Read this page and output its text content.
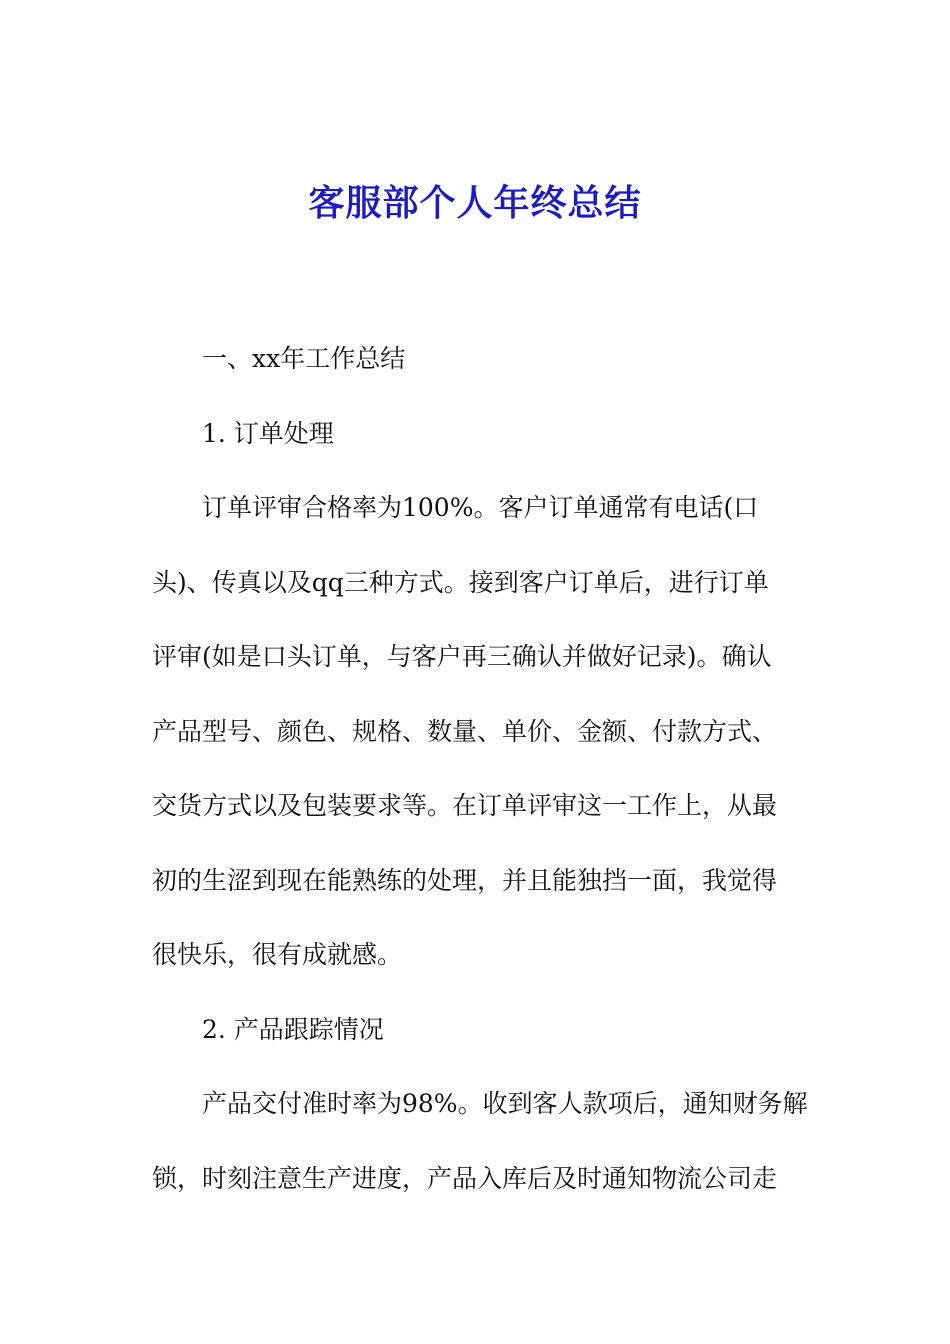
客服部个人年终总结
一、xx年工作总结
1. 订单处理
订单评审合格率为100%。客户订单通常有电话(口
头)、传真以及qq三种方式。接到客户订单后，进行订单
评审(如是口头订单，与客户再三确认并做好记录)。确认
产品型号、颜色、规格、数量、单价、金额、付款方式、
交货方式以及包装要求等。在订单评审这一工作上，从最
初的生涩到现在能熟练的处理，并且能独挡一面，我觉得
很快乐，很有成就感。
2. 产品跟踪情况
产品交付准时率为98%。收到客人款项后，通知财务解
锁，时刻注意生产进度，产品入库后及时通知物流公司走
